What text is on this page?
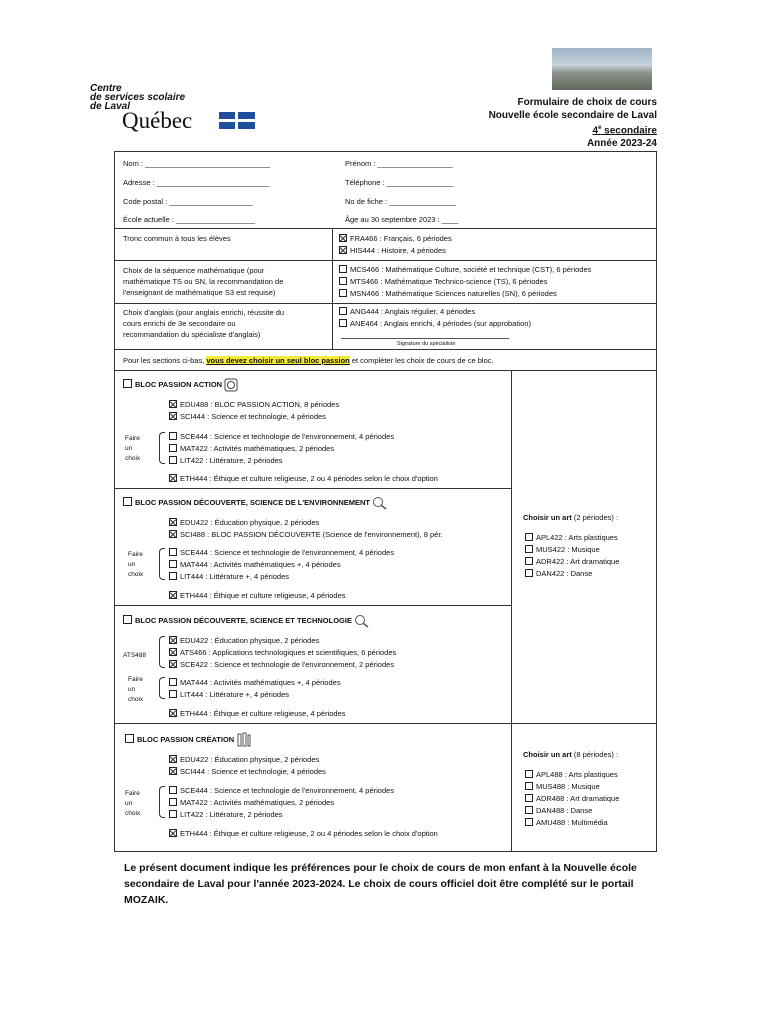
Centre
de services scolaire
de Laval
Québec
Formulaire de choix de cours
Nouvelle école secondaire de Laval
4e secondaire
Année 2023-24
Nom : ______________________________	Prénom : __________________
Adresse : ___________________________	Téléphone : ________________
Code postal : ____________________	No de fiche : ________________
École actuelle : ___________________	Âge au 30 septembre 2023 : ____
Tronc commun à tous les élèves	FRA466 : Français, 6 périodes
HIS444 : Histoire, 4 périodes
Choix de la séquence mathématique (pour
mathématique TS ou SN, la recommandation de
l'enseignant de mathématique S3 est requise)
MCS466 : Mathématique Culture, société et technique (CST), 6 périodes
MTS466 : Mathématique Technico-science (TS), 6 périodes
MSN466 : Mathématique Sciences naturelles (SN), 6 périodes
Choix d'anglais (pour anglais enrichi, réussite du
cours enrichi de 3e secondaire ou
recommandation du spécialiste d'anglais)
ANG444 : Anglais régulier, 4 périodes
ANE464 : Anglais enrichi, 4 périodes (sur approbation)
Signature du spécialiste
Pour les sections ci-bas, vous devez choisir un seul bloc passion et compléter les choix de cours de ce bloc.
BLOC PASSION ACTION
EDU488 : BLOC PASSION ACTION, 8 périodes
SCI444 : Science et technologie, 4 périodes
Faire
un
choix
SCE444 : Science et technologie de l'environnement, 4 périodes
MAT422 : Activités mathématiques, 2 périodes
LIT422 : Littérature, 2 périodes
ETH444 : Éthique et culture religieuse, 2 ou 4 périodes selon le choix d'option
BLOC PASSION DÉCOUVERTE, SCIENCE DE L'ENVIRONNEMENT
EDU422 : Éducation physique, 2 périodes
SCI488 : BLOC PASSION DÉCOUVERTE (Science de l'environnement), 8 pér.
Faire
un
choix
SCE444 : Science et technologie de l'environnement, 4 périodes
MAT444 : Activités mathématiques +, 4 périodes
LIT444 : Littérature +, 4 périodes
ETH444 : Éthique et culture religieuse, 4 périodes
BLOC PASSION DÉCOUVERTE, SCIENCE ET TECHNOLOGIE
ATS488
EDU422 : Éducation physique, 2 périodes
ATS466 : Applications technologiques et scientifiques, 6 périodes
SCE422 : Science et technologie de l'environnement, 2 périodes
Faire
un
choix
MAT444 : Activités mathématiques +, 4 périodes
LIT444 : Littérature +, 4 périodes
ETH444 : Éthique et culture religieuse, 4 périodes
BLOC PASSION CRÉATION
EDU422 : Éducation physique, 2 périodes
SCI444 : Science et technologie, 4 périodes
Faire
un
choix
SCE444 : Science et technologie de l'environnement, 4 périodes
MAT422 : Activités mathématiques, 2 périodes
LIT422 : Littérature, 2 périodes
ETH444 : Éthique et culture religieuse, 2 ou 4 périodes selon le choix d'option
Choisir un art (2 périodes) :
APL422 : Arts plastiques
MUS422 : Musique
ADR422 : Art dramatique
DAN422 : Danse
Choisir un art (8 périodes) :
APL488 : Arts plastiques
MUS488 : Musique
ADR488 : Art dramatique
DAN488 : Danse
AMU488 : Multimédia
Le présent document indique les préférences pour le choix de cours de mon enfant à la Nouvelle école secondaire de Laval pour l'année 2023-2024. Le choix de cours officiel doit être complété sur le portail MOZAIK.
